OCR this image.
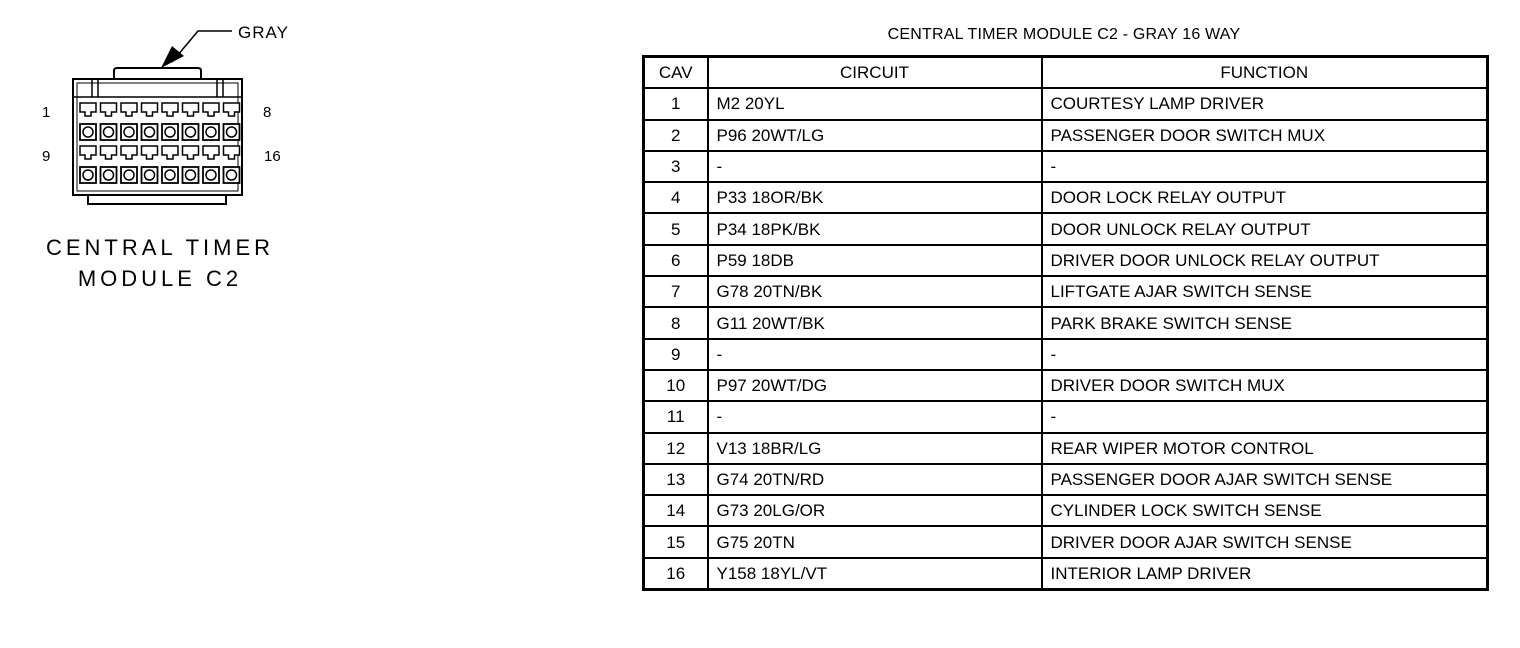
GRAY
1	8
9	16
CENTRAL TIMER
MODULE C2
CENTRAL TIMER MODULE C2 - GRAY 16 WAY
CAV	CIRCUIT	FUNCTION
1	M2 20YL	COURTESY LAMP DRIVER
2	P96 20WT/LG	PASSENGER DOOR SWITCH MUX
3	-	-
4	P33 18OR/BK	DOOR LOCK RELAY OUTPUT
5	P34 18PK/BK	DOOR UNLOCK RELAY OUTPUT
6	P59 18DB	DRIVER DOOR UNLOCK RELAY OUTPUT
7	G78 20TN/BK	LIFTGATE AJAR SWITCH SENSE
8	G11 20WT/BK	PARK BRAKE SWITCH SENSE
9	-	-
10	P97 20WT/DG	DRIVER DOOR SWITCH MUX
11	-	-
12	V13 18BR/LG	REAR WIPER MOTOR CONTROL
13	G74 20TN/RD	PASSENGER DOOR AJAR SWITCH SENSE
14	G73 20LG/OR	CYLINDER LOCK SWITCH SENSE
15	G75 20TN	DRIVER DOOR AJAR SWITCH SENSE
16	Y158 18YL/VT	INTERIOR LAMP DRIVER
